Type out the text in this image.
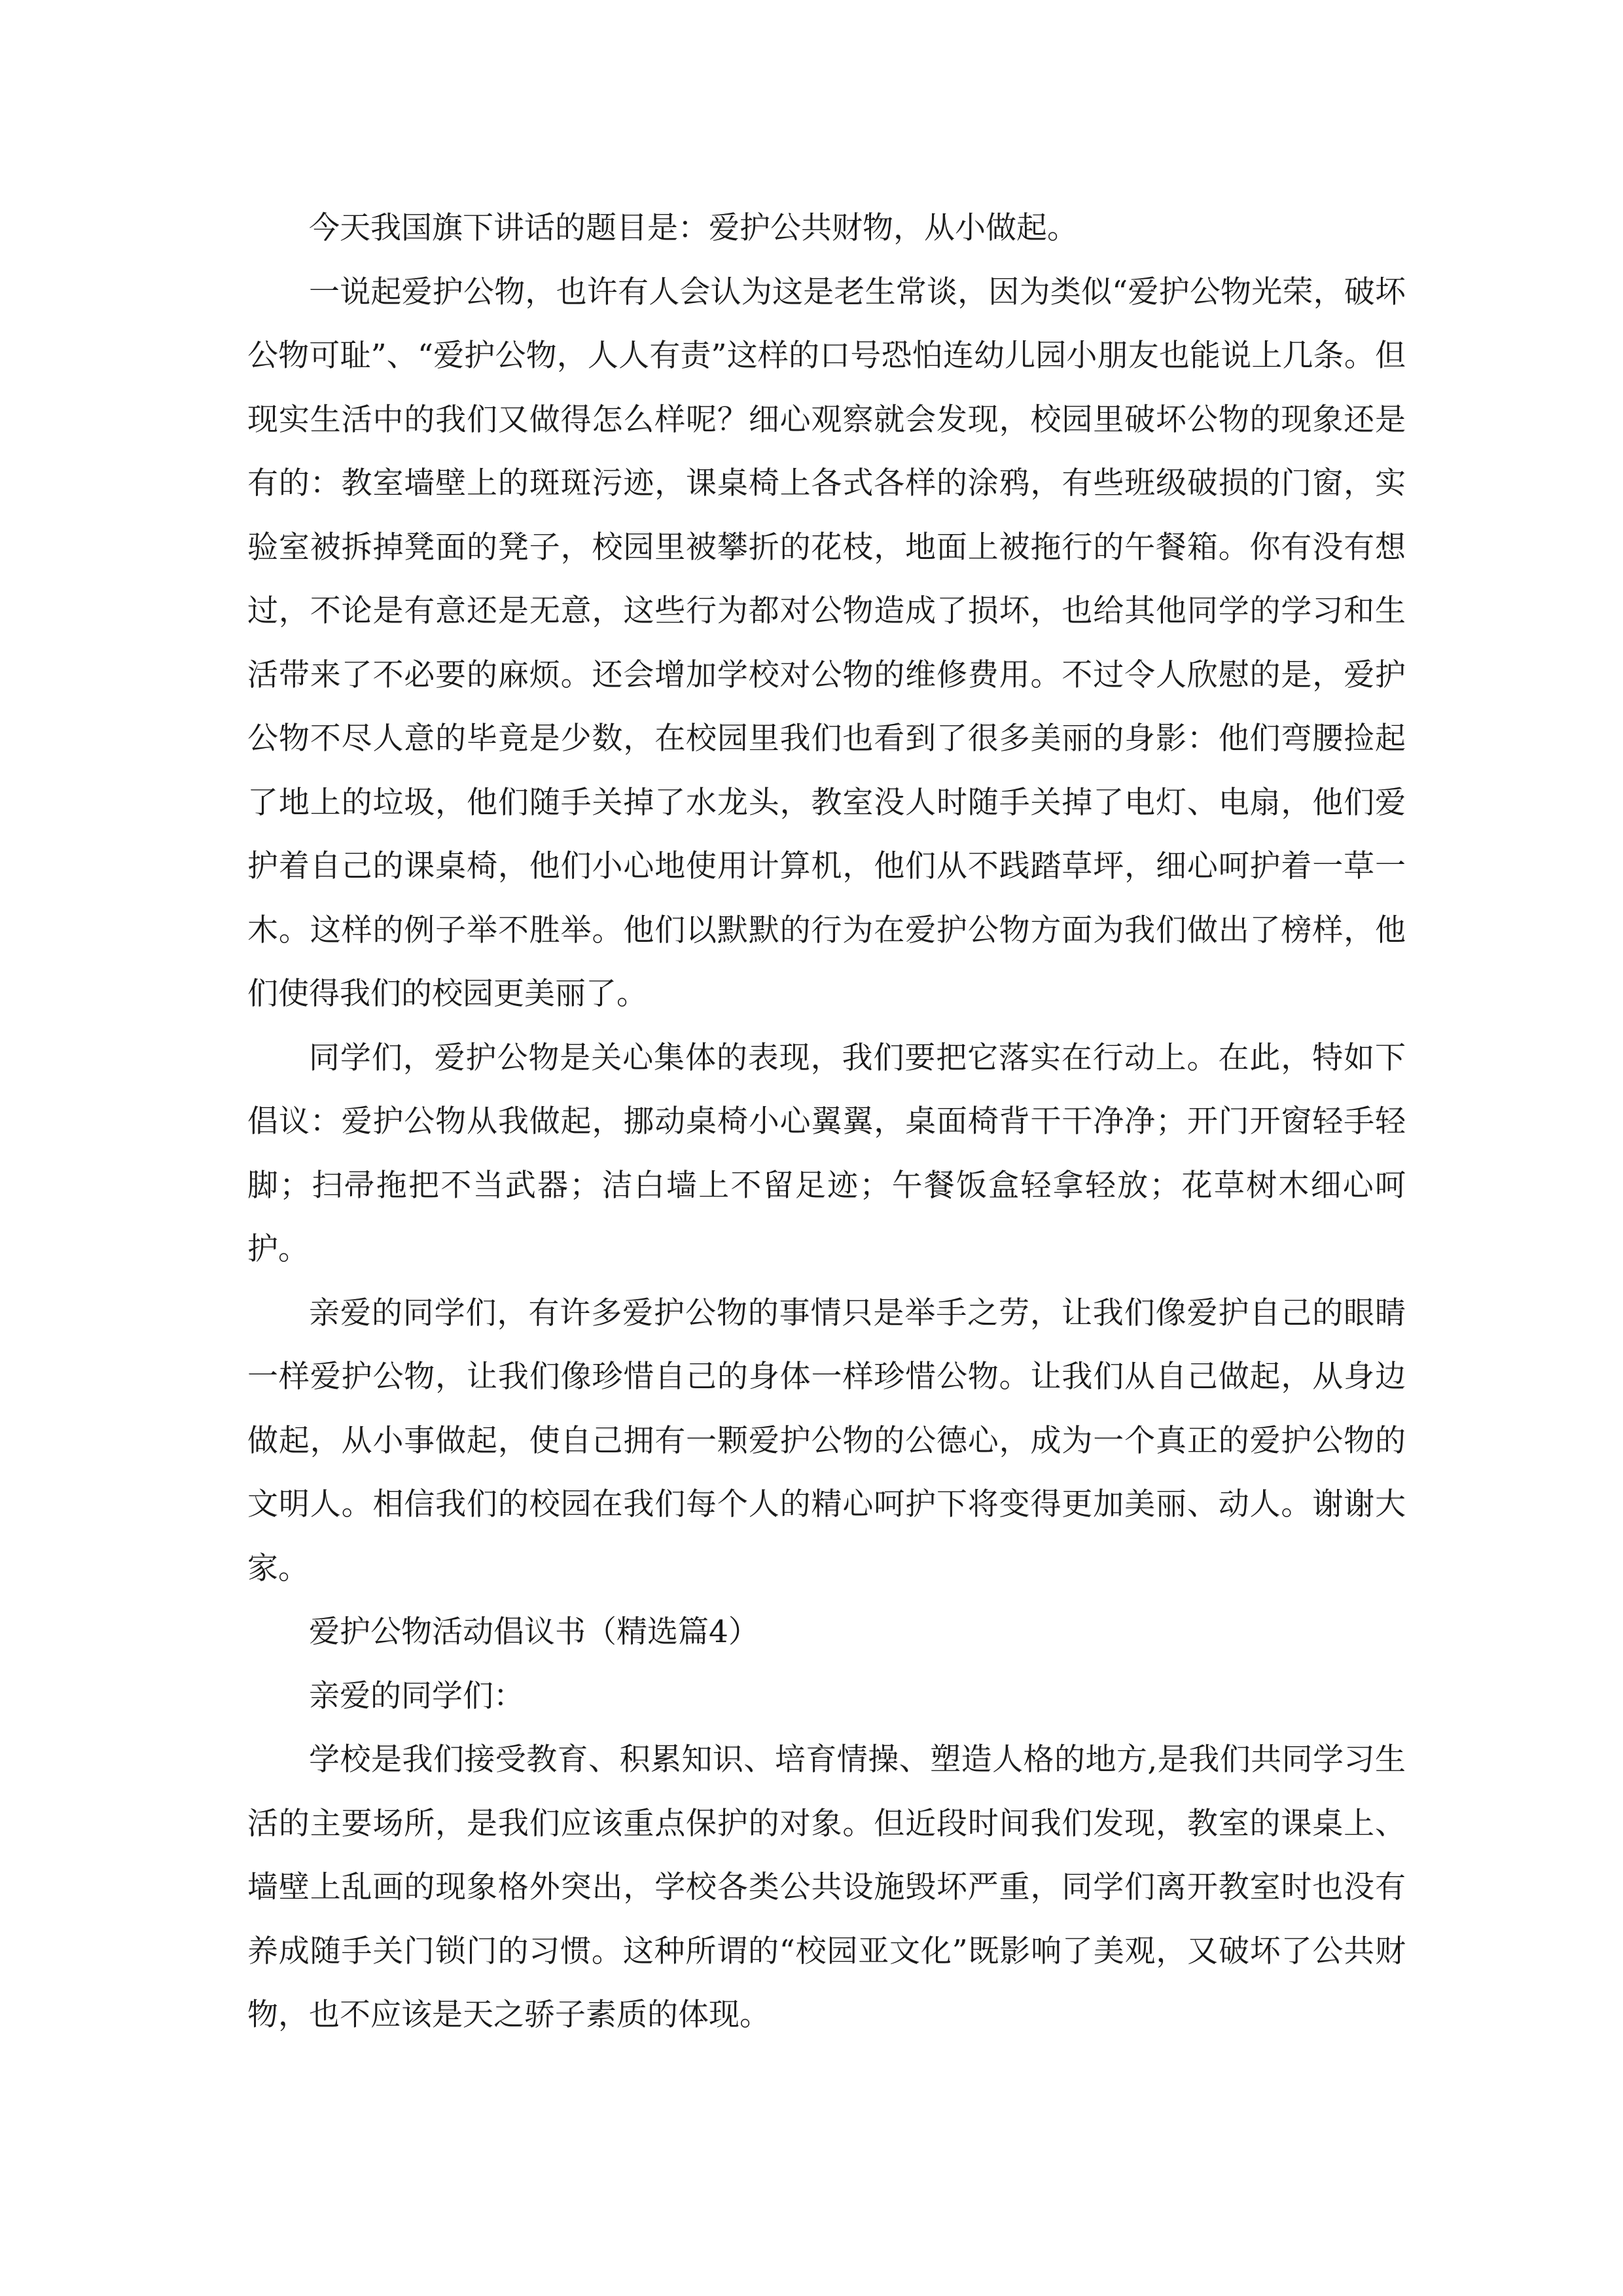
今天我国旗下讲话的题目是：爱护公共财物，从小做起。

一说起爱护公物，也许有人会认为这是老生常谈，因为类似“爱护公物光荣，破坏公物可耻”、“爱护公物，人人有责”这样的口号恐怕连幼儿园小朋友也能说上几条。但现实生活中的我们又做得怎么样呢？细心观察就会发现，校园里破坏公物的现象还是有的：教室墙壁上的斑斑污迹，课桌椅上各式各样的涂鸦，有些班级破损的门窗，实验室被拆掉凳面的凳子，校园里被攀折的花枝，地面上被拖行的午餐箱。你有没有想过，不论是有意还是无意，这些行为都对公物造成了损坏，也给其他同学的学习和生活带来了不必要的麻烦。还会增加学校对公物的维修费用。不过令人欣慰的是，爱护公物不尽人意的毕竟是少数，在校园里我们也看到了很多美丽的身影：他们弯腰捡起了地上的垃圾，他们随手关掉了水龙头，教室没人时随手关掉了电灯、电扇，他们爱护着自己的课桌椅，他们小心地使用计算机，他们从不践踏草坪，细心呵护着一草一木。这样的例子举不胜举。他们以默默的行为在爱护公物方面为我们做出了榜样，他们使得我们的校园更美丽了。

同学们，爱护公物是关心集体的表现，我们要把它落实在行动上。在此，特如下倡议：爱护公物从我做起，挪动桌椅小心翼翼，桌面椅背干干净净；开门开窗轻手轻脚；扫帚拖把不当武器；洁白墙上不留足迹；午餐饭盒轻拿轻放；花草树木细心呵护。

亲爱的同学们，有许多爱护公物的事情只是举手之劳，让我们像爱护自己的眼睛一样爱护公物，让我们像珍惜自己的身体一样珍惜公物。让我们从自己做起，从身边做起，从小事做起，使自己拥有一颗爱护公物的公德心，成为一个真正的爱护公物的文明人。相信我们的校园在我们每个人的精心呵护下将变得更加美丽、动人。谢谢大家。

爱护公物活动倡议书（精选篇4）

亲爱的同学们：

学校是我们接受教育、积累知识、培育情操、塑造人格的地方,是我们共同学习生活的主要场所，是我们应该重点保护的对象。但近段时间我们发现，教室的课桌上、墙壁上乱画的现象格外突出，学校各类公共设施毁坏严重，同学们离开教室时也没有养成随手关门锁门的习惯。这种所谓的“校园亚文化”既影响了美观，又破坏了公共财物，也不应该是天之骄子素质的体现。
